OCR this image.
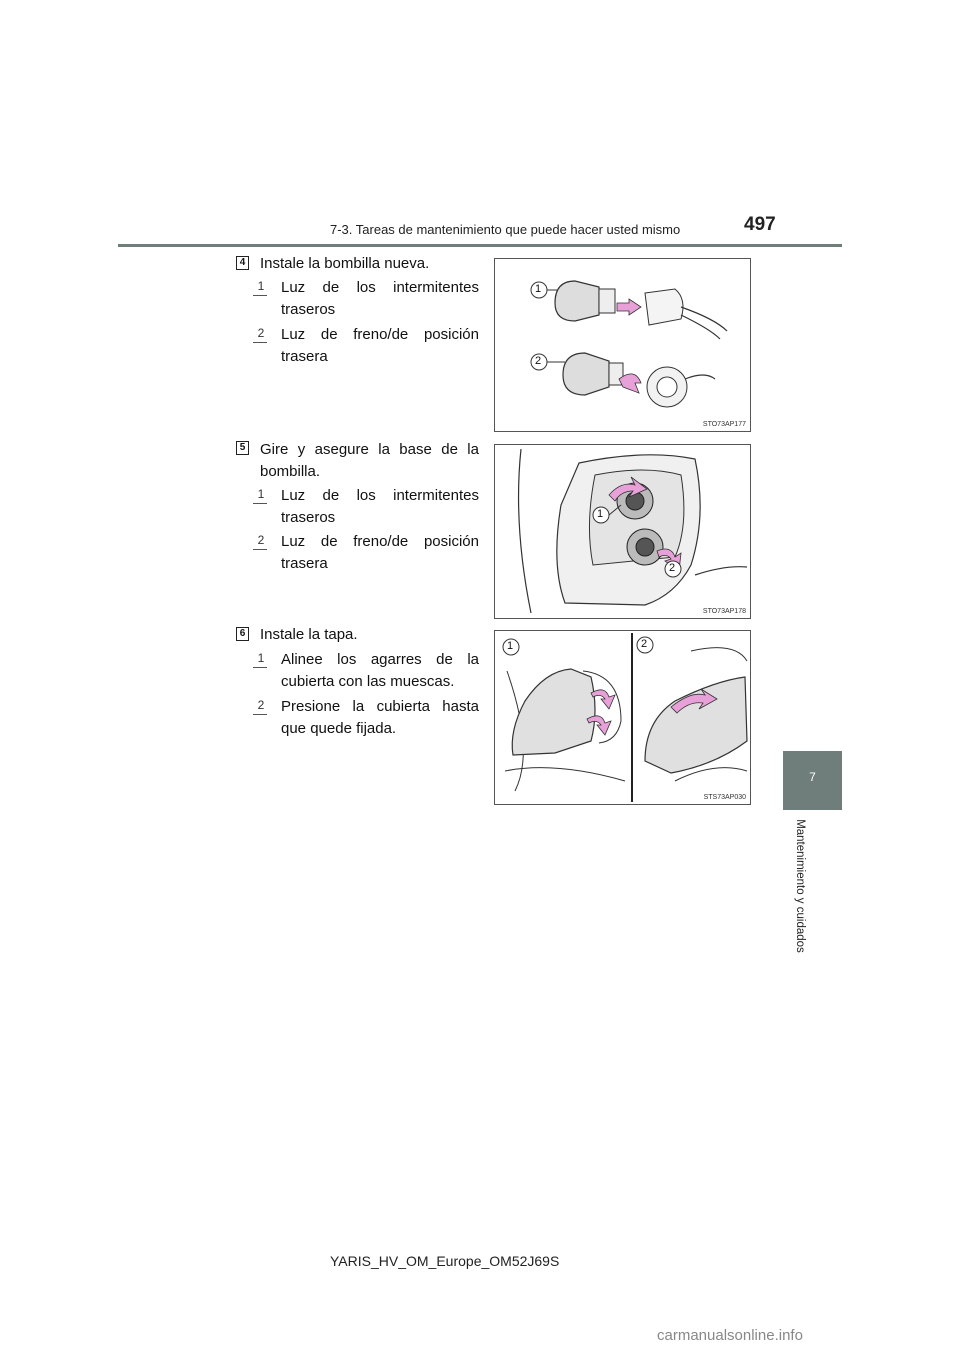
7-3. Tareas de mantenimiento que puede hacer usted mismo	497
7
Mantenimiento y cuidados
4 Instale la bombilla nueva.
1	Luz de los intermitentes traseros
2	Luz de freno/de posición trasera
1
2
STO73AP177
5 Gire y asegure la base de la bombilla.
1	Luz de los intermitentes traseros
2	Luz de freno/de posición trasera
1
2
STO73AP178
6 Instale la tapa.
1	Alinee los agarres de la cubierta con las muescas.
2	Presione la cubierta hasta que quede fijada.
1	2
STS73AP030
YARIS_HV_OM_Europe_OM52J69S
carmanualsonline.info
